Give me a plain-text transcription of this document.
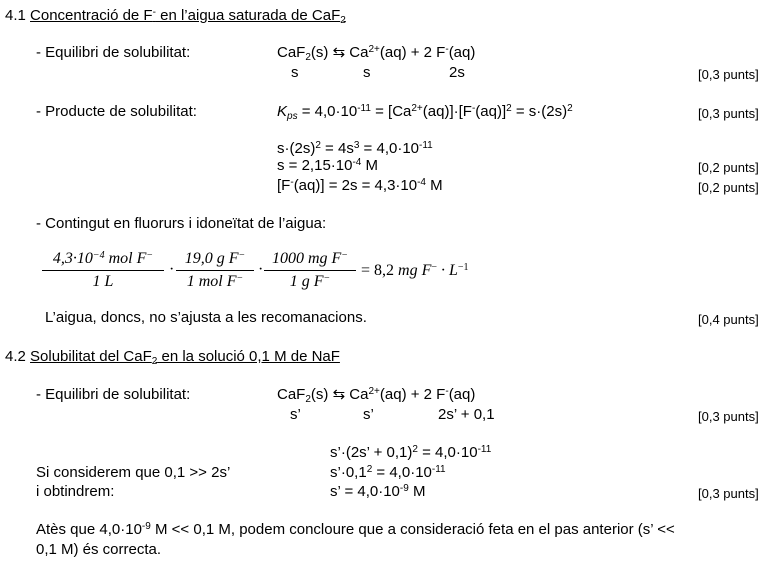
4.1 Concentració de F- en l’aigua saturada de CaF$_2$
- Equilibri de solubilitat:	CaF$_2$(s) ⇆ $Ca^{2+}(aq) + 2$ F-(aq)
s	s	2s	[0,3 punts]
- Producte de solubilitat:	$K_{ps} = 4,0\cdot 10^{-11} = [Ca^{2+}(aq)]\cdot[F^-(aq)]^2 = s\cdot(2s)^2$	[0,3 punts]
$s\cdot(2s)^2 = 4s^3 = 4,0\cdot 10^{-11}$
$s = 2,15\cdot 10^{-4}$ M	[0,2 punts]
$[F^-(aq)] = 2s = 4,3\cdot 10^{-4}$ M	[0,2 punts]
- Contingut en fluorurs i idoneïtat de l’aigua:
$4,3\cdot 10^{-4}$ mol F−
1 L
·
19,0 g F−
1 mol $F^- \cdot \frac{1000 mg F^-}{1 g F^-} = 8,2$ mg $F^- \cdot L^{-1}$
L’aigua, doncs, no s’ajusta a les recomanacions.	[0,4 punts]
4.2 Solubilitat del CaF$_2$ en la solució 0,1 M de NaF
- Equilibri de solubilitat:	CaF$_2$(s) ⇆ $Ca^{2+}(aq) + 2$ F-(aq)
s’	s’	2s’ + 0,1	[0,3 punts]
s’·(2s’ + $0,1)^2 = 4,0\cdot 10^{-11}$
Si considerem que 0,1 >> 2s’	$s’\cdot 0,1^2 = 4,0\cdot 10^{-11}$
i obtindrem:	s’ = $4,0\cdot 10^{-9}$ M	[0,3 punts]
Atès que $4,0\cdot 10^{-9}$ M << 0,1 M, podem concloure que a consideració feta en el pas anterior (s’ <<
0,1 M) és correcta.
